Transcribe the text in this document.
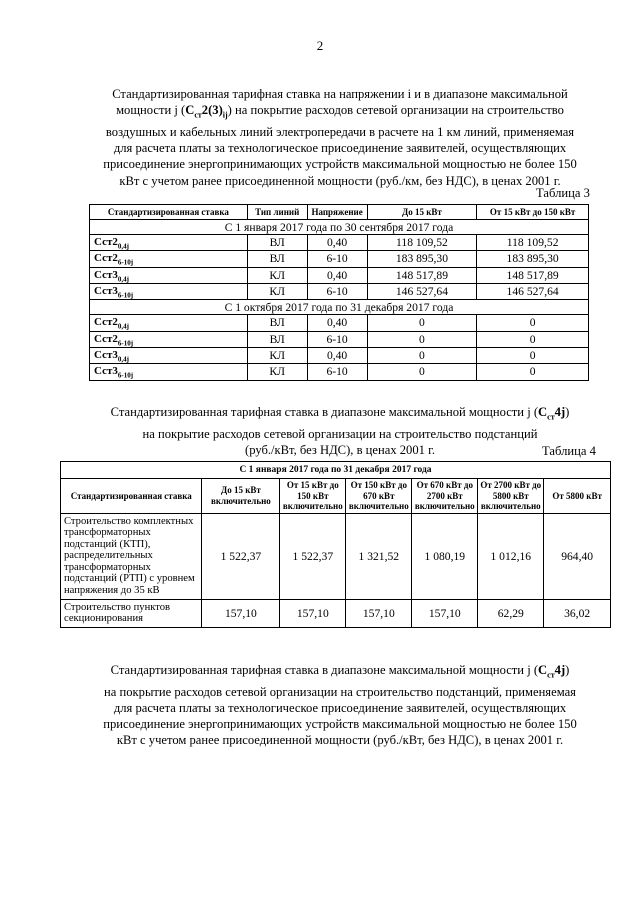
2
Стандартизированная тарифная ставка на напряжении i и в диапазоне максимальной
мощности j $(С_{ст}2(3)_{ij})$ на покрытие расходов сетевой организации на строительство
воздушных и кабельных линий электропередачи в расчете на 1 км линий, применяемая
для расчета платы за технологическое присоединение заявителей, осуществляющих
присоединение энергопринимающих устройств максимальной мощностью не более 150
кВт с учетом ранее присоединенной мощности (руб./км, без НДС), в ценах 2001 г.
Таблица 3
Стандартизированная ставка	Тип линий	Напряжение	До 15 кВт	От 15 кВт до 150 кВт
С 1 января 2017 года по 30 сентября 2017 года				
$Сст2_{0,4j}$	ВЛ	0,40	118 109,52	118 109,52
$Сст2_{6-10j}$	ВЛ	6-10	183 895,30	183 895,30
$Сст3_{0,4j}$	КЛ	0,40	148 517,89	148 517,89
$Сст3_{6-10j}$	КЛ	6-10	146 527,64	146 527,64
С 1 октября 2017 года по 31 декабря 2017 года				
$Сст2_{0,4j}$	ВЛ	0,40	0	0
$Сст2_{6-10j}$	ВЛ	6-10	0	0
$Сст3_{0,4j}$	КЛ	0,40	0	0
$Сст3_{6-10j}$	КЛ	6-10	0	0
Стандартизированная тарифная ставка в диапазоне максимальной мощности j $(С_{ст}4j)$
на покрытие расходов сетевой организации на строительство подстанций
(руб./кВт, без НДС), в ценах 2001 г.	Таблица 4
С 1 января 2017 года по 31 декабря 2017 года						
Стандартизированная ставка	До 15 кВт включительно	От 15 кВт до 150 кВт включительно	От 150 кВт до 670 кВт включительно	От 670 кВт до 2700 кВт включительно	От 2700 кВт до 5800 кВт включительно	От 5800 кВт
Строительство комплектных трансформаторных подстанций (КТП), распределительных трансформаторных подстанций (РТП) с уровнем напряжения до 35 кВ	1 522,37	1 522,37	1 321,52	1 080,19	1 012,16	964,40
Строительство пунктов секционирования	157,10	157,10	157,10	157,10	62,29	36,02
Стандартизированная тарифная ставка в диапазоне максимальной мощности j $(С_{ст}4j)$
на покрытие расходов сетевой организации на строительство подстанций, применяемая
для расчета платы за технологическое присоединение заявителей, осуществляющих
присоединение энергопринимающих устройств максимальной мощностью не более 150
кВт с учетом ранее присоединенной мощности (руб./кВт, без НДС), в ценах 2001 г.
